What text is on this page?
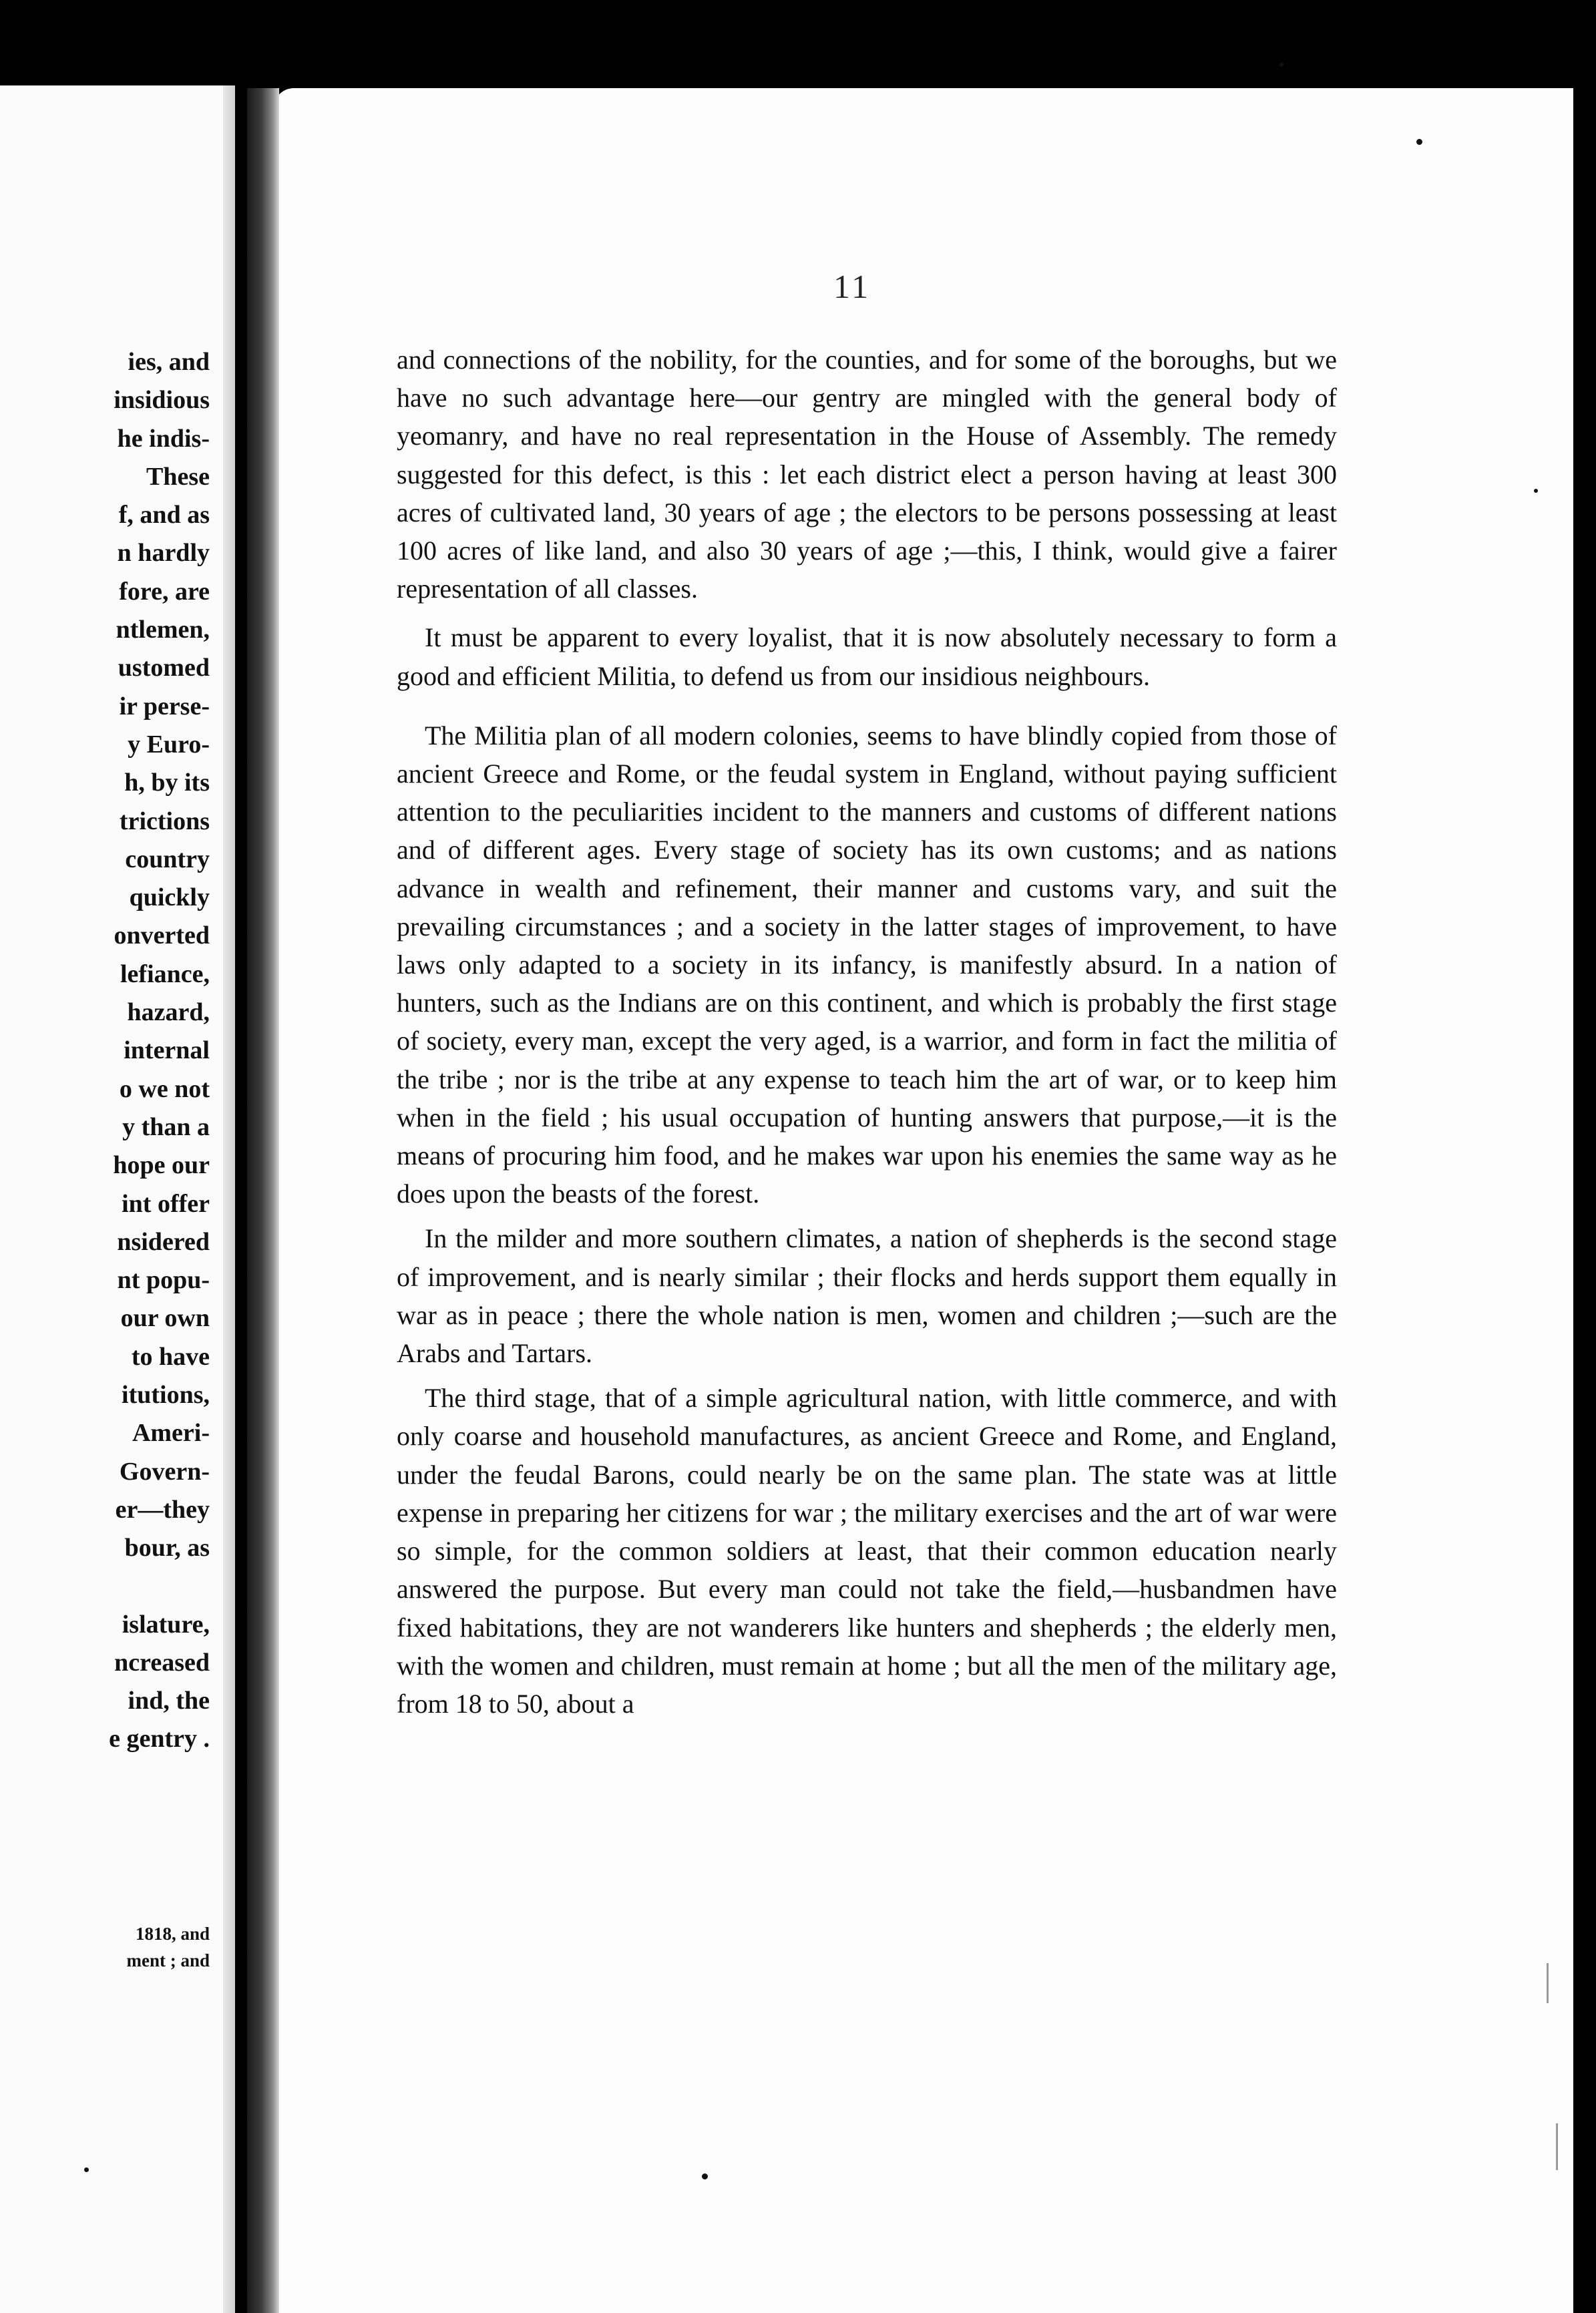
ies, and
insidious
he indis-
These
f, and as
n hardly
fore, are
ntlemen,
ustomed
ir perse-
y Euro-
h, by its
trictions
country
quickly
onverted
lefiance,
hazard,
internal
o we not
y than a
hope our
int offer
nsidered
nt popu-
our own
to have
itutions,
Ameri-
Govern-
er—they
bour, as
islature,
ncreased
ind, the
e gentry .
1818, and
ment ; and
11

and connections of the nobility, for the counties, and for some of the boroughs, but we have no such advantage here—our gentry are mingled with the general body of yeomanry, and have no real representation in the House of Assembly. The remedy suggested for this defect, is this : let each district elect a person having at least 300 acres of cultivated land, 30 years of age ; the electors to be persons possessing at least 100 acres of like land, and also 30 years of age ;—this, I think, would give a fairer representation of all classes.

It must be apparent to every loyalist, that it is now absolutely necessary to form a good and efficient Militia, to defend us from our insidious neighbours.

The Militia plan of all modern colonies, seems to have blindly copied from those of ancient Greece and Rome, or the feudal system in England, without paying sufficient attention to the peculiarities incident to the manners and customs of different nations and of different ages. Every stage of society has its own customs; and as nations advance in wealth and refinement, their manner and customs vary, and suit the prevailing circumstances ; and a society in the latter stages of improvement, to have laws only adapted to a society in its infancy, is manifestly absurd. In a nation of hunters, such as the Indians are on this continent, and which is probably the first stage of society, every man, except the very aged, is a warrior, and form in fact the militia of the tribe ; nor is the tribe at any expense to teach him the art of war, or to keep him when in the field ; his usual occupation of hunting answers that purpose,—it is the means of procuring him food, and he makes war upon his enemies the same way as he does upon the beasts of the forest.

In the milder and more southern climates, a nation of shepherds is the second stage of improvement, and is nearly similar ; their flocks and herds support them equally in war as in peace ; there the whole nation is men, women and children ;—such are the Arabs and Tartars.

The third stage, that of a simple agricultural nation, with little commerce, and with only coarse and household manufactures, as ancient Greece and Rome, and England, under the feudal Barons, could nearly be on the same plan. The state was at little expense in preparing her citizens for war ; the military exercises and the art of war were so simple, for the common soldiers at least, that their common education nearly answered the purpose. But every man could not take the field,—husbandmen have fixed habitations, they are not wanderers like hunters and shepherds ; the elderly men, with the women and children, must remain at home ; but all the men of the military age, from 18 to 50, about a
